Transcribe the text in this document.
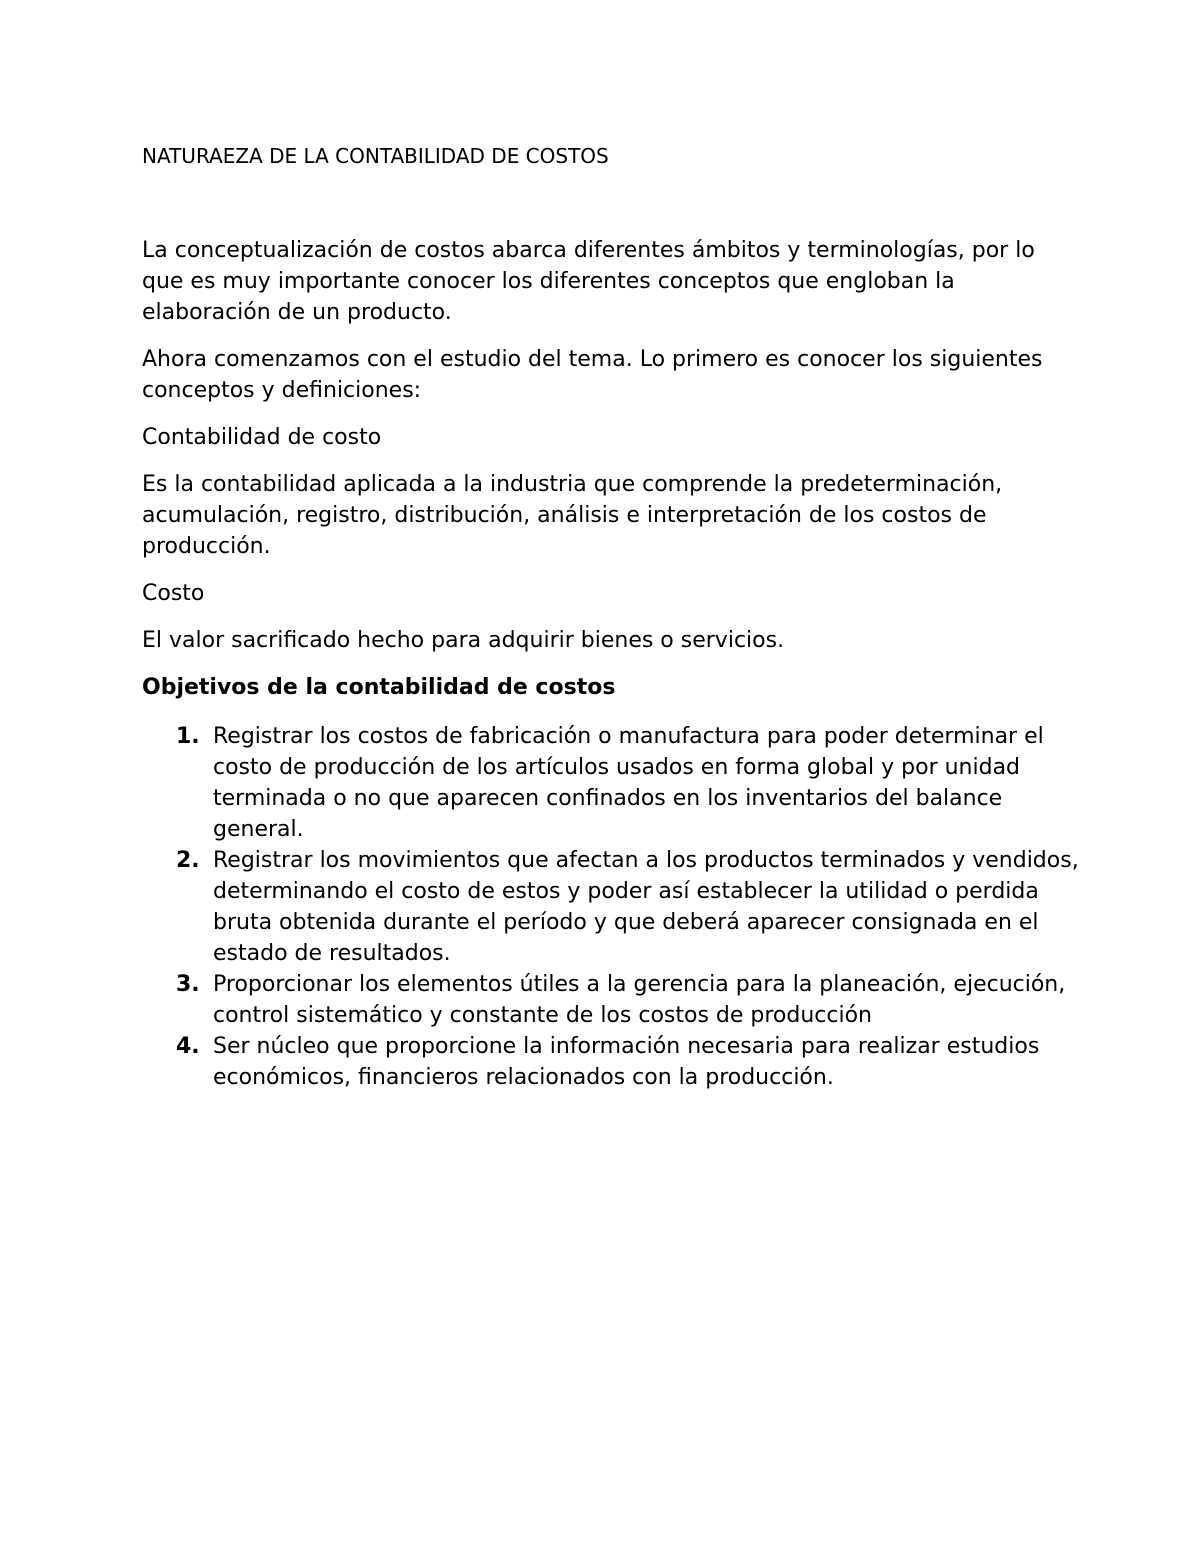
NATURAEZA DE LA CONTABILIDAD DE COSTOS

La conceptualización de costos abarca diferentes ámbitos y terminologías, por lo que es muy importante conocer los diferentes conceptos que engloban la elaboración de un producto.

Ahora comenzamos con el estudio del tema. Lo primero es conocer los siguientes conceptos y definiciones:

Contabilidad de costo

Es la contabilidad aplicada a la industria que comprende la predeterminación, acumulación, registro, distribución, análisis e interpretación de los costos de producción.

Costo

El valor sacrificado hecho para adquirir bienes o servicios.

Objetivos de la contabilidad de costos

1. Registrar los costos de fabricación o manufactura para poder determinar el costo de producción de los artículos usados en forma global y por unidad terminada o no que aparecen confinados en los inventarios del balance general.
2. Registrar los movimientos que afectan a los productos terminados y vendidos, determinando el costo de estos y poder así establecer la utilidad o perdida bruta obtenida durante el período y que deberá aparecer consignada en el estado de resultados.
3. Proporcionar los elementos útiles a la gerencia para la planeación, ejecución, control sistemático y constante de los costos de producción
4. Ser núcleo que proporcione la información necesaria para realizar estudios económicos, financieros relacionados con la producción.
